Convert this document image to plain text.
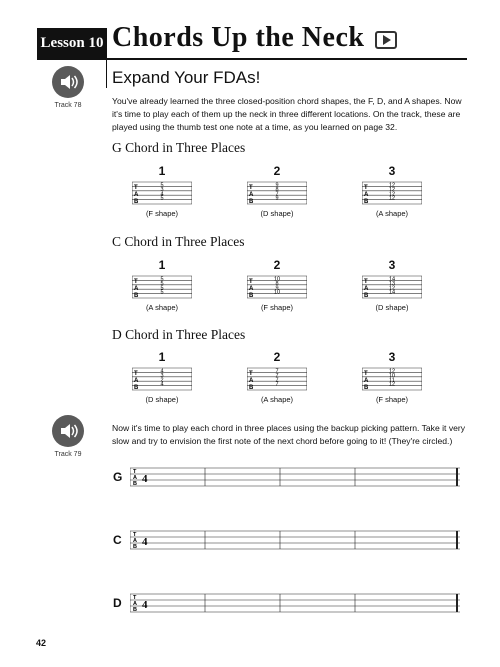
Lesson 10 Chords Up the Neck
Track 78
Expand Your FDAs!
You've already learned the three closed-position chord shapes, the F, D, and A shapes. Now it's time to play each of them up the neck in three different locations. On the track, these are played using the thumb test one note at a time, as you learned on page 32.
G Chord in Three Places
C Chord in Three Places
D Chord in Three Places
1
T
A
B
5
3
4
5
(F shape)
2
T
A
B
9
8
7
9
(D shape)
3
T
A
B
12
12
12
12
(A shape)
1
T
A
B
5
5
5
5
(A shape)
2
T
A
B
10
8
9
10
(F shape)
3
T
A
B
14
13
12
14
(D shape)
1
T
A
B
4
3
2
4
(D shape)
2
T
A
B
7
7
7
7
(A shape)
3
T
A
B
12
10
11
12
(F shape)
Track 79
Now it's time to play each chord in three places using the backup picking pattern. Take it very slow and try to envision the first note of the next chord before going to it! (They're circled.)
G
C
D
T
A
B 4
T
A
B 4
T
A
B 4
42
